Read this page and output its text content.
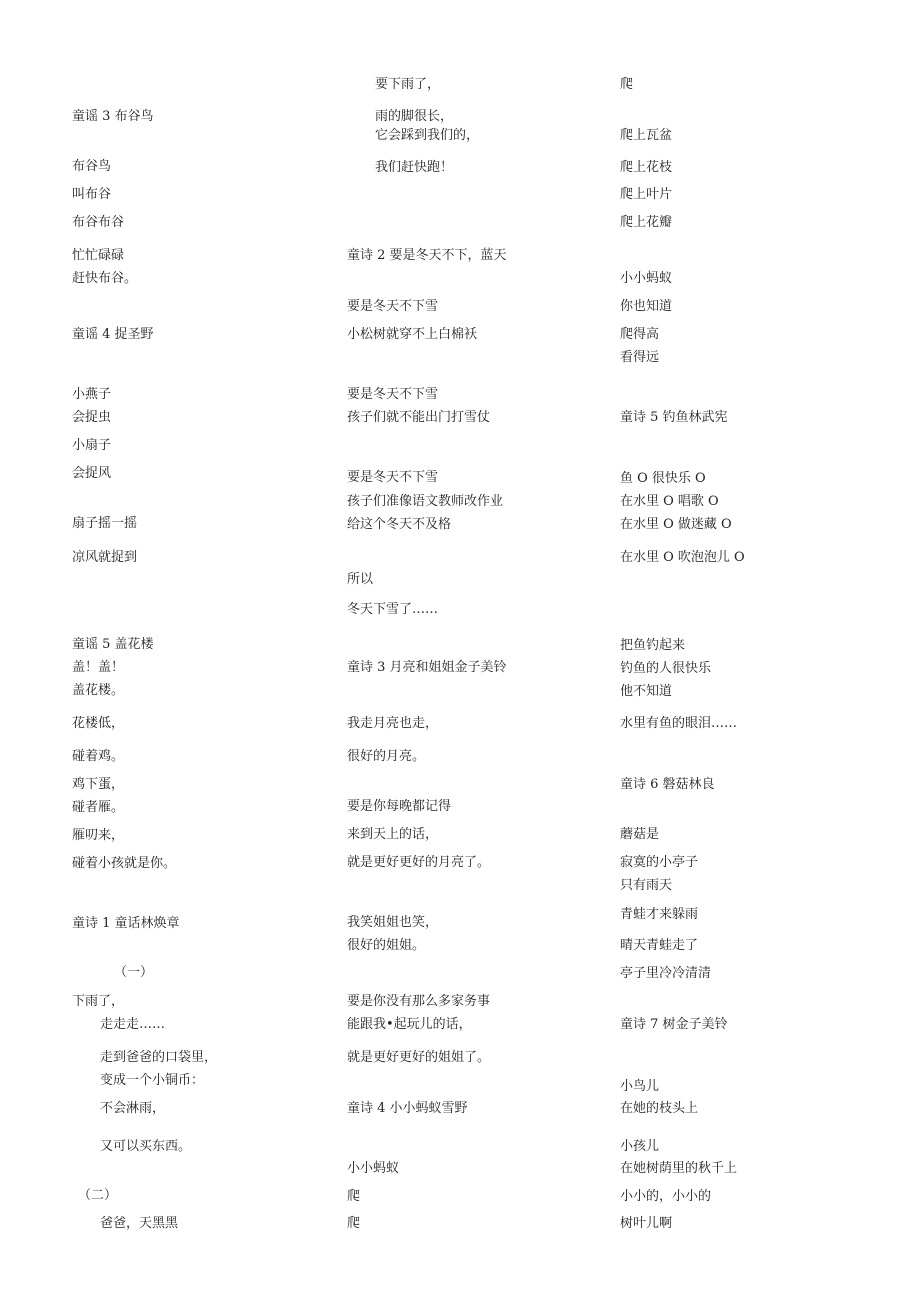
童谣 3 布谷鸟
布谷鸟
叫布谷
布谷布谷
忙忙碌碌
赶快布谷。
童谣 4 捉圣野
小燕子
会捉虫
小扇子
会捉风
扇子摇一摇
凉风就捉到
童谣 5 盖花楼
盖！盖！
盖花楼。
花楼低，
碰着鸡。
鸡下蛋，
碰者雁。
雁叨来，
碰着小孩就是你。
童诗 1 童话林焕章
（一）
下雨了，
走走走……
走到爸爸的口袋里，
变成一个小铜币：
不会淋雨，
又可以买东西。
（二）
爸爸，天黑黑
要下雨了，
雨的脚很长，
它会踩到我们的，
我们赶快跑！
童诗 2 要是冬天不下，蓝天
要是冬天不下雪
小松树就穿不上白棉袄
要是冬天不下雪
孩子们就不能出门打雪仗
要是冬天不下雪
孩子们准像语文教师改作业
给这个冬天不及格
所以
冬天下雪了……
童诗 3 月亮和姐姐金子美铃
我走月亮也走，
很好的月亮。
要是你每晚都记得
来到天上的话，
就是更好更好的月亮了。
我笑姐姐也笑，
很好的姐姐。
要是你没有那么多家务事
能跟我•起玩儿的话，
就是更好更好的姐姐了。
童诗 4 小小蚂蚁雪野
小小蚂蚁
爬
爬
爬
爬上瓦盆
爬上花枝
爬上叶片
爬上花瓣
小小蚂蚁
你也知道
爬得高
看得远
童诗 5 钓鱼林武宪
鱼 O 很快乐 O
在水里 O 唱歌 O
在水里 O 做迷藏 O
在水里 O 吹泡泡儿 O
把鱼钓起来
钓鱼的人很快乐
他不知道
水里有鱼的眼泪……
童诗 6 磐菇林良
蘑菇是
寂寞的小亭子
只有雨天
青蛙才来躲雨
晴天青蛙走了
亭子里冷冷清清
童诗 7 树金子美铃
小鸟儿
在她的枝头上
小孩儿
在她树荫里的秋千上
小小的，小小的
树叶儿啊
